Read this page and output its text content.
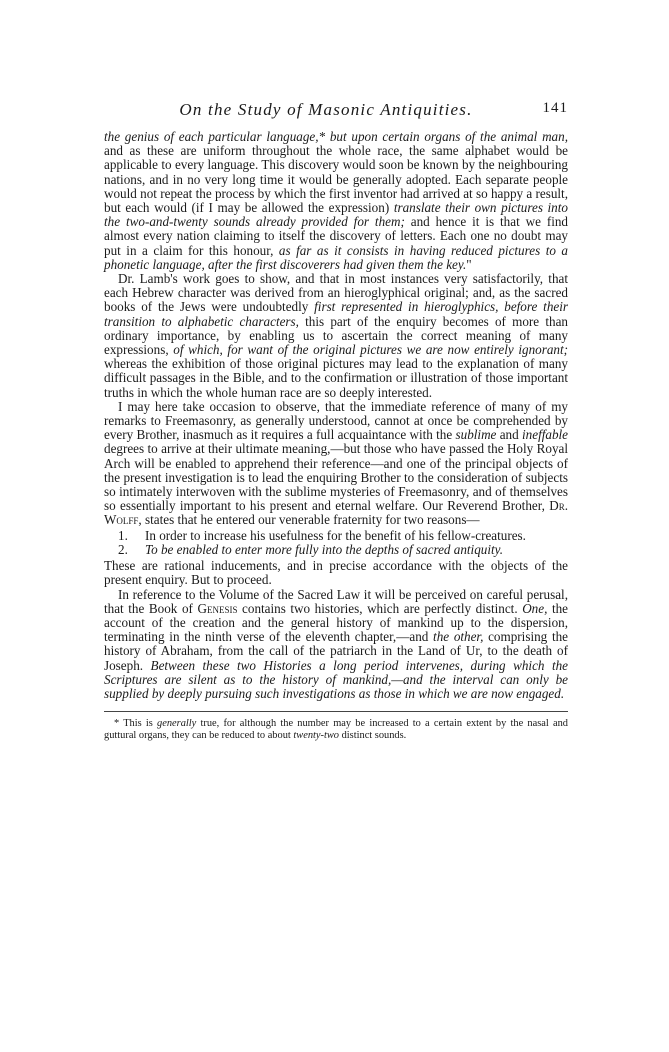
On the Study of Masonic Antiquities.	141

the genius of each particular language,* but upon certain organs of the animal man, and as these are uniform throughout the whole race, the same alphabet would be applicable to every language. This discovery would soon be known by the neighbouring nations, and in no very long time it would be generally adopted. Each separate people would not repeat the process by which the first inventor had arrived at so happy a result, but each would (if I may be allowed the expression) translate their own pictures into the two-and-twenty sounds already provided for them; and hence it is that we find almost every nation claiming to itself the discovery of letters. Each one no doubt may put in a claim for this honour, as far as it consists in having reduced pictures to a phonetic language, after the first discoverers had given them the key."

Dr. Lamb's work goes to show, and that in most instances very satisfactorily, that each Hebrew character was derived from an hieroglyphical original; and, as the sacred books of the Jews were undoubtedly first represented in hieroglyphics, before their transition to alphabetic characters, this part of the enquiry becomes of more than ordinary importance, by enabling us to ascertain the correct meaning of many expressions, of which, for want of the original pictures we are now entirely ignorant; whereas the exhibition of those original pictures may lead to the explanation of many difficult passages in the Bible, and to the confirmation or illustration of those important truths in which the whole human race are so deeply interested.

I may here take occasion to observe, that the immediate reference of many of my remarks to Freemasonry, as generally understood, cannot at once be comprehended by every Brother, inasmuch as it requires a full acquaintance with the sublime and ineffable degrees to arrive at their ultimate meaning,—but those who have passed the Holy Royal Arch will be enabled to apprehend their reference—and one of the principal objects of the present investigation is to lead the enquiring Brother to the consideration of subjects so intimately interwoven with the sublime mysteries of Freemasonry, and of themselves so essentially important to his present and eternal welfare. Our Reverend Brother, Dr. Wolff, states that he entered our venerable fraternity for two reasons—

1. In order to increase his usefulness for the benefit of his fellow-creatures.
2. To be enabled to enter more fully into the depths of sacred antiquity.

These are rational inducements, and in precise accordance with the objects of the present enquiry. But to proceed.

In reference to the Volume of the Sacred Law it will be perceived on careful perusal, that the Book of Genesis contains two histories, which are perfectly distinct. One, the account of the creation and the general history of mankind up to the dispersion, terminating in the ninth verse of the eleventh chapter,—and the other, comprising the history of Abraham, from the call of the patriarch in the Land of Ur, to the death of Joseph. Between these two Histories a long period intervenes, during which the Scriptures are silent as to the history of mankind,—and the interval can only be supplied by deeply pursuing such investigations as those in which we are now engaged.

* This is generally true, for although the number may be increased to a certain extent by the nasal and guttural organs, they can be reduced to about twenty-two distinct sounds.
